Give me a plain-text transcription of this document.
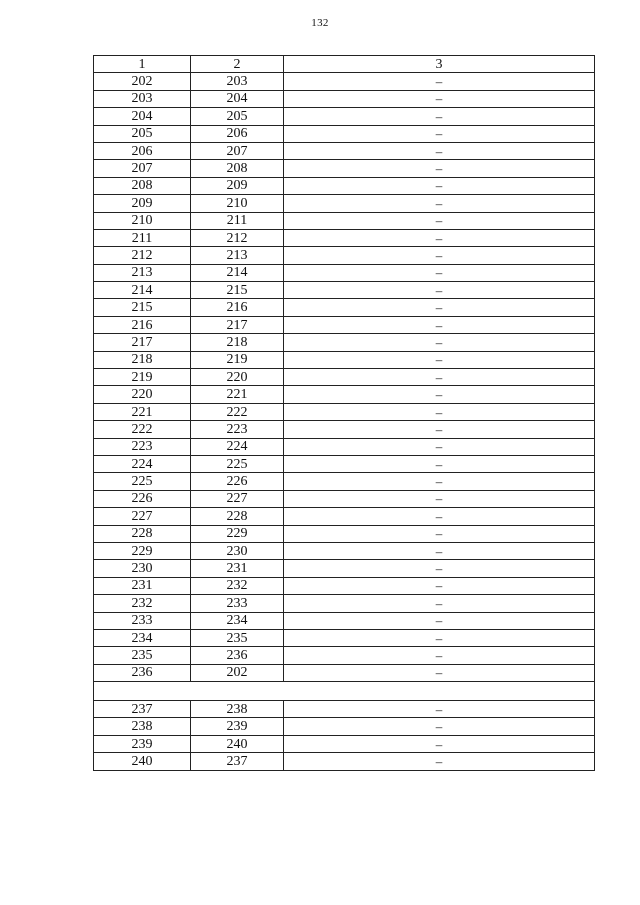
132
1	2	3
202	203	–
203	204	–
204	205	–
205	206	–
206	207	–
207	208	–
208	209	–
209	210	–
210	211	–
211	212	–
212	213	–
213	214	–
214	215	–
215	216	–
216	217	–
217	218	–
218	219	–
219	220	–
220	221	–
221	222	–
222	223	–
223	224	–
224	225	–
225	226	–
226	227	–
227	228	–
228	229	–
229	230	–
230	231	–
231	232	–
232	233	–
233	234	–
234	235	–
235	236	–
236	202	–

237	238	–
238	239	–
239	240	–
240	237	–
